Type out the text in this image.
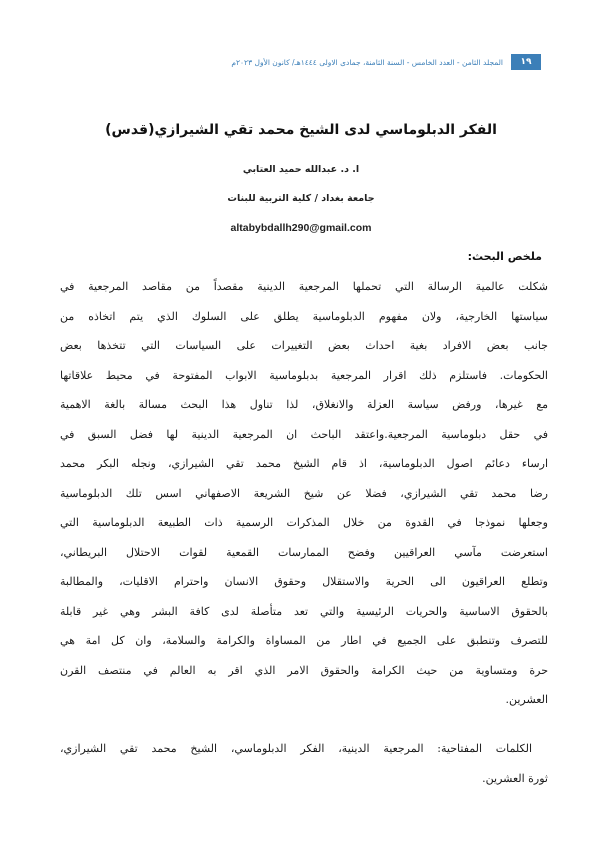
١٩
المجلد الثامن - العدد الخامس - السنة الثامنة، جمادى الاولى ١٤٤٤هـ/ كانون الأول ٢٠٢٣م
الفكر الدبلوماسي لدى الشيخ محمد تقي الشيرازي(قدس)
ا. د. عبدالله حميد العتابي
جامعة بغداد / كلية التربية للبنات
altabybdallh290@gmail.com
ملخص البحث:
شكلت عالمية الرسالة التي تحملها المرجعية الدينية مقصداً من مقاصد المرجعية في
سياستها الخارجية، ولان مفهوم الدبلوماسية يطلق على السلوك الذي يتم اتخاذه من
جانب بعض الافراد بغية احداث بعض التغييرات على السياسات التي تتخذها بعض
الحكومات. فاستلزم ذلك اقرار المرجعية بدبلوماسية الابواب المفتوحة في محيط علاقاتها
مع غيرها، ورفض سياسة العزلة والانغلاق، لذا تناول هذا البحث مسالة بالغة الاهمية
في حقل دبلوماسية المرجعية.واعتقد الباحث ان المرجعية الدينية لها فضل السبق في
ارساء دعائم اصول الدبلوماسية، اذ قام الشيخ محمد تقي الشيرازي، ونجله البكر محمد
رضا محمد تقي الشيرازي، فضلا عن شيخ الشريعة الاصفهاني اسس تلك الدبلوماسية
وجعلها نموذجا في القدوة من خلال المذكرات الرسمية ذات الطبيعة الدبلوماسية التي
استعرضت مآسي العراقيين وفضح الممارسات القمعية لقوات الاحتلال البريطاني،
وتطلع العراقيون الى الحرية والاستقلال وحقوق الانسان واحترام الاقليات، والمطالبة
بالحقوق الاساسية والحريات الرئيسية والتي تعد متأصلة لدى كافة البشر وهي غير قابلة
للتصرف وتنطبق على الجميع في اطار من المساواة والكرامة والسلامة، وان كل امة هي
حرة ومتساوية من حيث الكرامة والحقوق الامر الذي اقر به العالم في منتصف القرن
العشرين.
الكلمات المفتاحية: المرجعية الدينية، الفكر الدبلوماسي، الشيخ محمد تقي الشيرازي،
ثورة العشرين.
